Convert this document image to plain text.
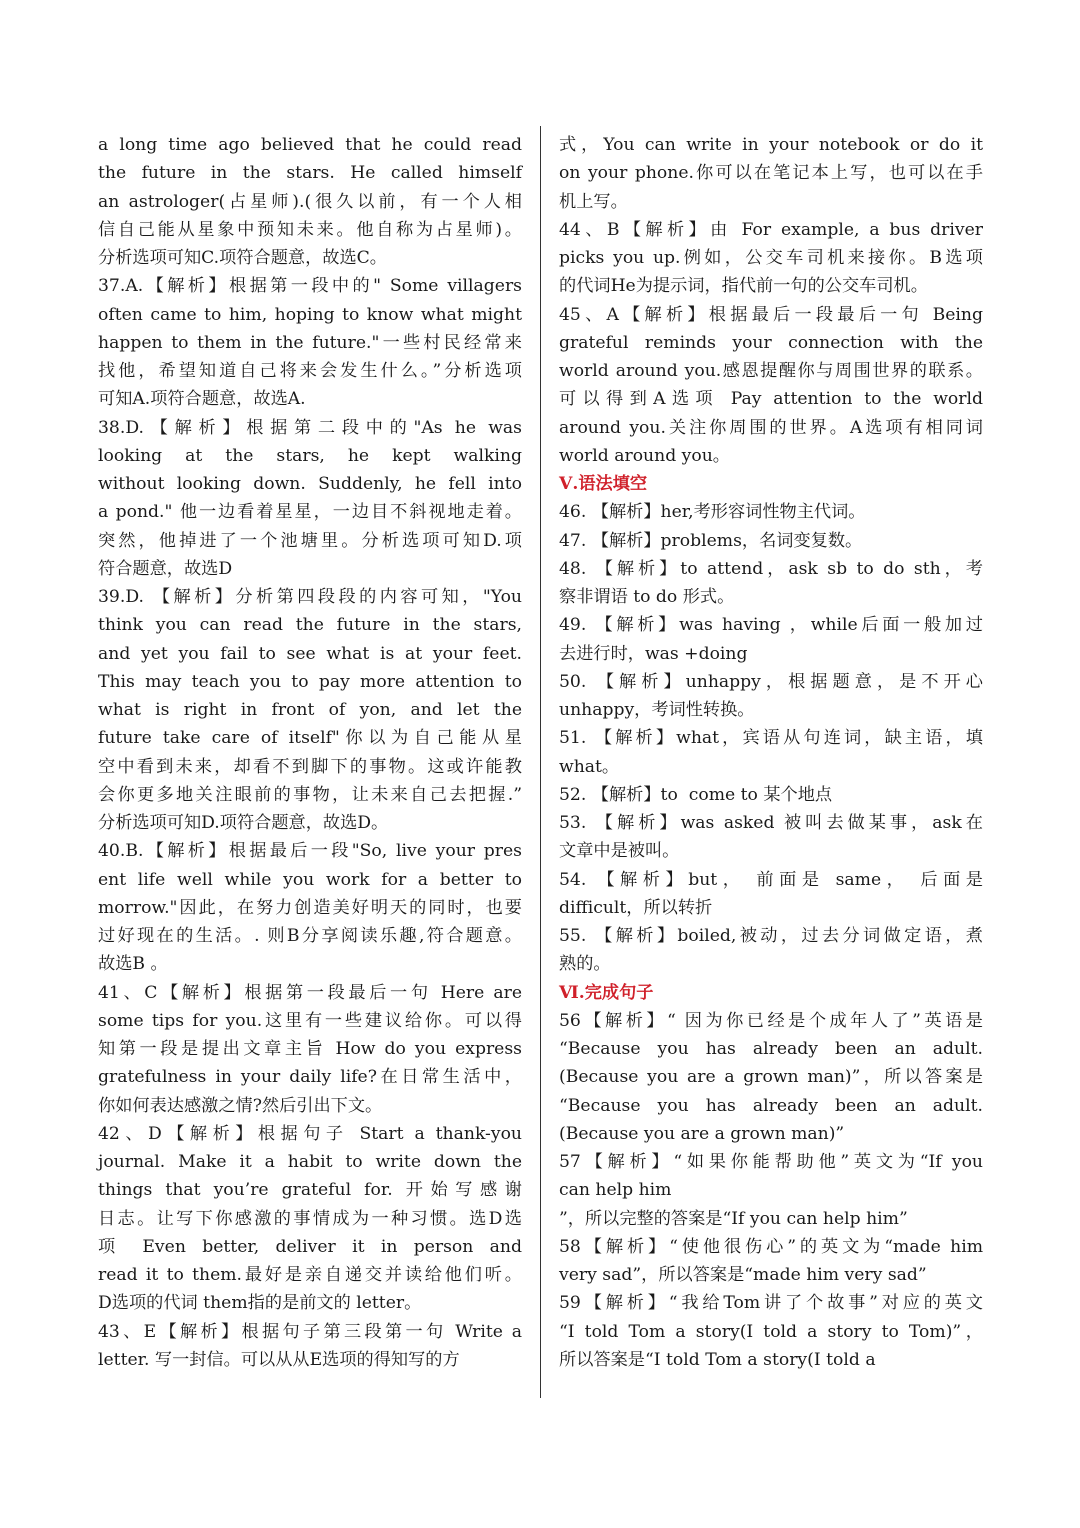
a long time ago believed that he could read
the future in the stars. He called himself
an astrologer(占星师).(很久以前，有一个人相
信自己能从星象中预知未来。他自称为占星师)。
分析选项可知C.项符合题意，故选C。
37.A.【解析】根据第一段中的" Some villagers
often came to him, hoping to know what might
happen to them in the future."一些村民经常来
找他，希望知道自己将来会发生什么。”分析选项
可知A.项符合题意，故选A.
38.D.【解析】根据第二段中的"As he was
looking at the stars, he kept walking
without looking down. Suddenly, he fell into
a pond." 他一边看着星星，一边目不斜视地走着。
突然，他掉进了一个池塘里。分析选项可知D.项
符合题意，故选D
39.D. 【解析】分析第四段段的内容可知，"You
think you can read the future in the stars,
and yet you fail to see what is at your feet.
This may teach you to pay more attention to
what is right in front of yon, and let the
future take care of itself"你以为自己能从星
空中看到未来，却看不到脚下的事物。这或许能教
会你更多地关注眼前的事物，让未来自己去把握.”
分析选项可知D.项符合题意，故选D。
40.B.【解析】根据最后一段"So, live your pres
ent life well while you work for a better to
morrow."因此，在努力创造美好明天的同时，也要
过好现在的生活。. 则B分享阅读乐趣,符合题意。
故选B 。
41、C【解析】根据第一段最后一句 Here are
some tips for you.这里有一些建议给你。可以得
知第一段是提出文章主旨 How do you express
gratefulness in your daily life?在日常生活中，
你如何表达感激之情?然后引出下文。
42、D【解析】根据句子 Start a thank-you
journal. Make it a habit to write down the
things that you’re grateful for. 开始写感谢
日志。让写下你感激的事情成为一种习惯。选D选
项 Even better, deliver it in person and
read it to them.最好是亲自递交并读给他们听。
D选项的代词 them指的是前文的 letter。
43、E【解析】根据句子第三段第一句 Write a
letter. 写一封信。可以从从E选项的得知写的方
式，You can write in your notebook or do it
on your phone.你可以在笔记本上写，也可以在手
机上写。
44、B【解析】由 For example, a bus driver
picks you up.例如，公交车司机来接你。B选项
的代词He为提示词，指代前一句的公交车司机。
45、A【解析】根据最后一段最后一句 Being
grateful reminds your connection with the
world around you.感恩提醒你与周围世界的联系。
可以得到A选项 Pay attention to the world
around you.关注你周围的世界。A选项有相同词
world around you。
Ⅴ.语法填空
46. 【解析】her,考形容词性物主代词。
47. 【解析】problems，名词变复数。
48. 【解析】to attend，ask sb to do sth，考
察非谓语 to do 形式。
49. 【解析】was having ，while后面一般加过
去进行时，was +doing
50. 【解析】unhappy，根据题意，是不开心
unhappy，考词性转换。
51. 【解析】what，宾语从句连词，缺主语，填
what。
52. 【解析】to  come to 某个地点
53. 【解析】was asked 被叫去做某事，ask在
文章中是被叫。
54. 【解析】but， 前面是 same， 后面是
difficult，所以转折
55. 【解析】boiled,被动，过去分词做定语，煮
熟的。
Ⅵ.完成句子
56【解析】“ 因为你已经是个成年人了”英语是
“Because you has already been an adult.
(Because you are a grown man)”，所以答案是
“Because you has already been an adult.
(Because you are a grown man)”
57【解析】“如果你能帮助他”英文为“If you
can help him
”，所以完整的答案是“If you can help him”
58【解析】“使他很伤心”的英文为“made him
very sad”，所以答案是“made him very sad”
59【解析】“我给Tom讲了个故事”对应的英文
“I told Tom a story(I told a story to Tom)”，
所以答案是“I told Tom a story(I told a
